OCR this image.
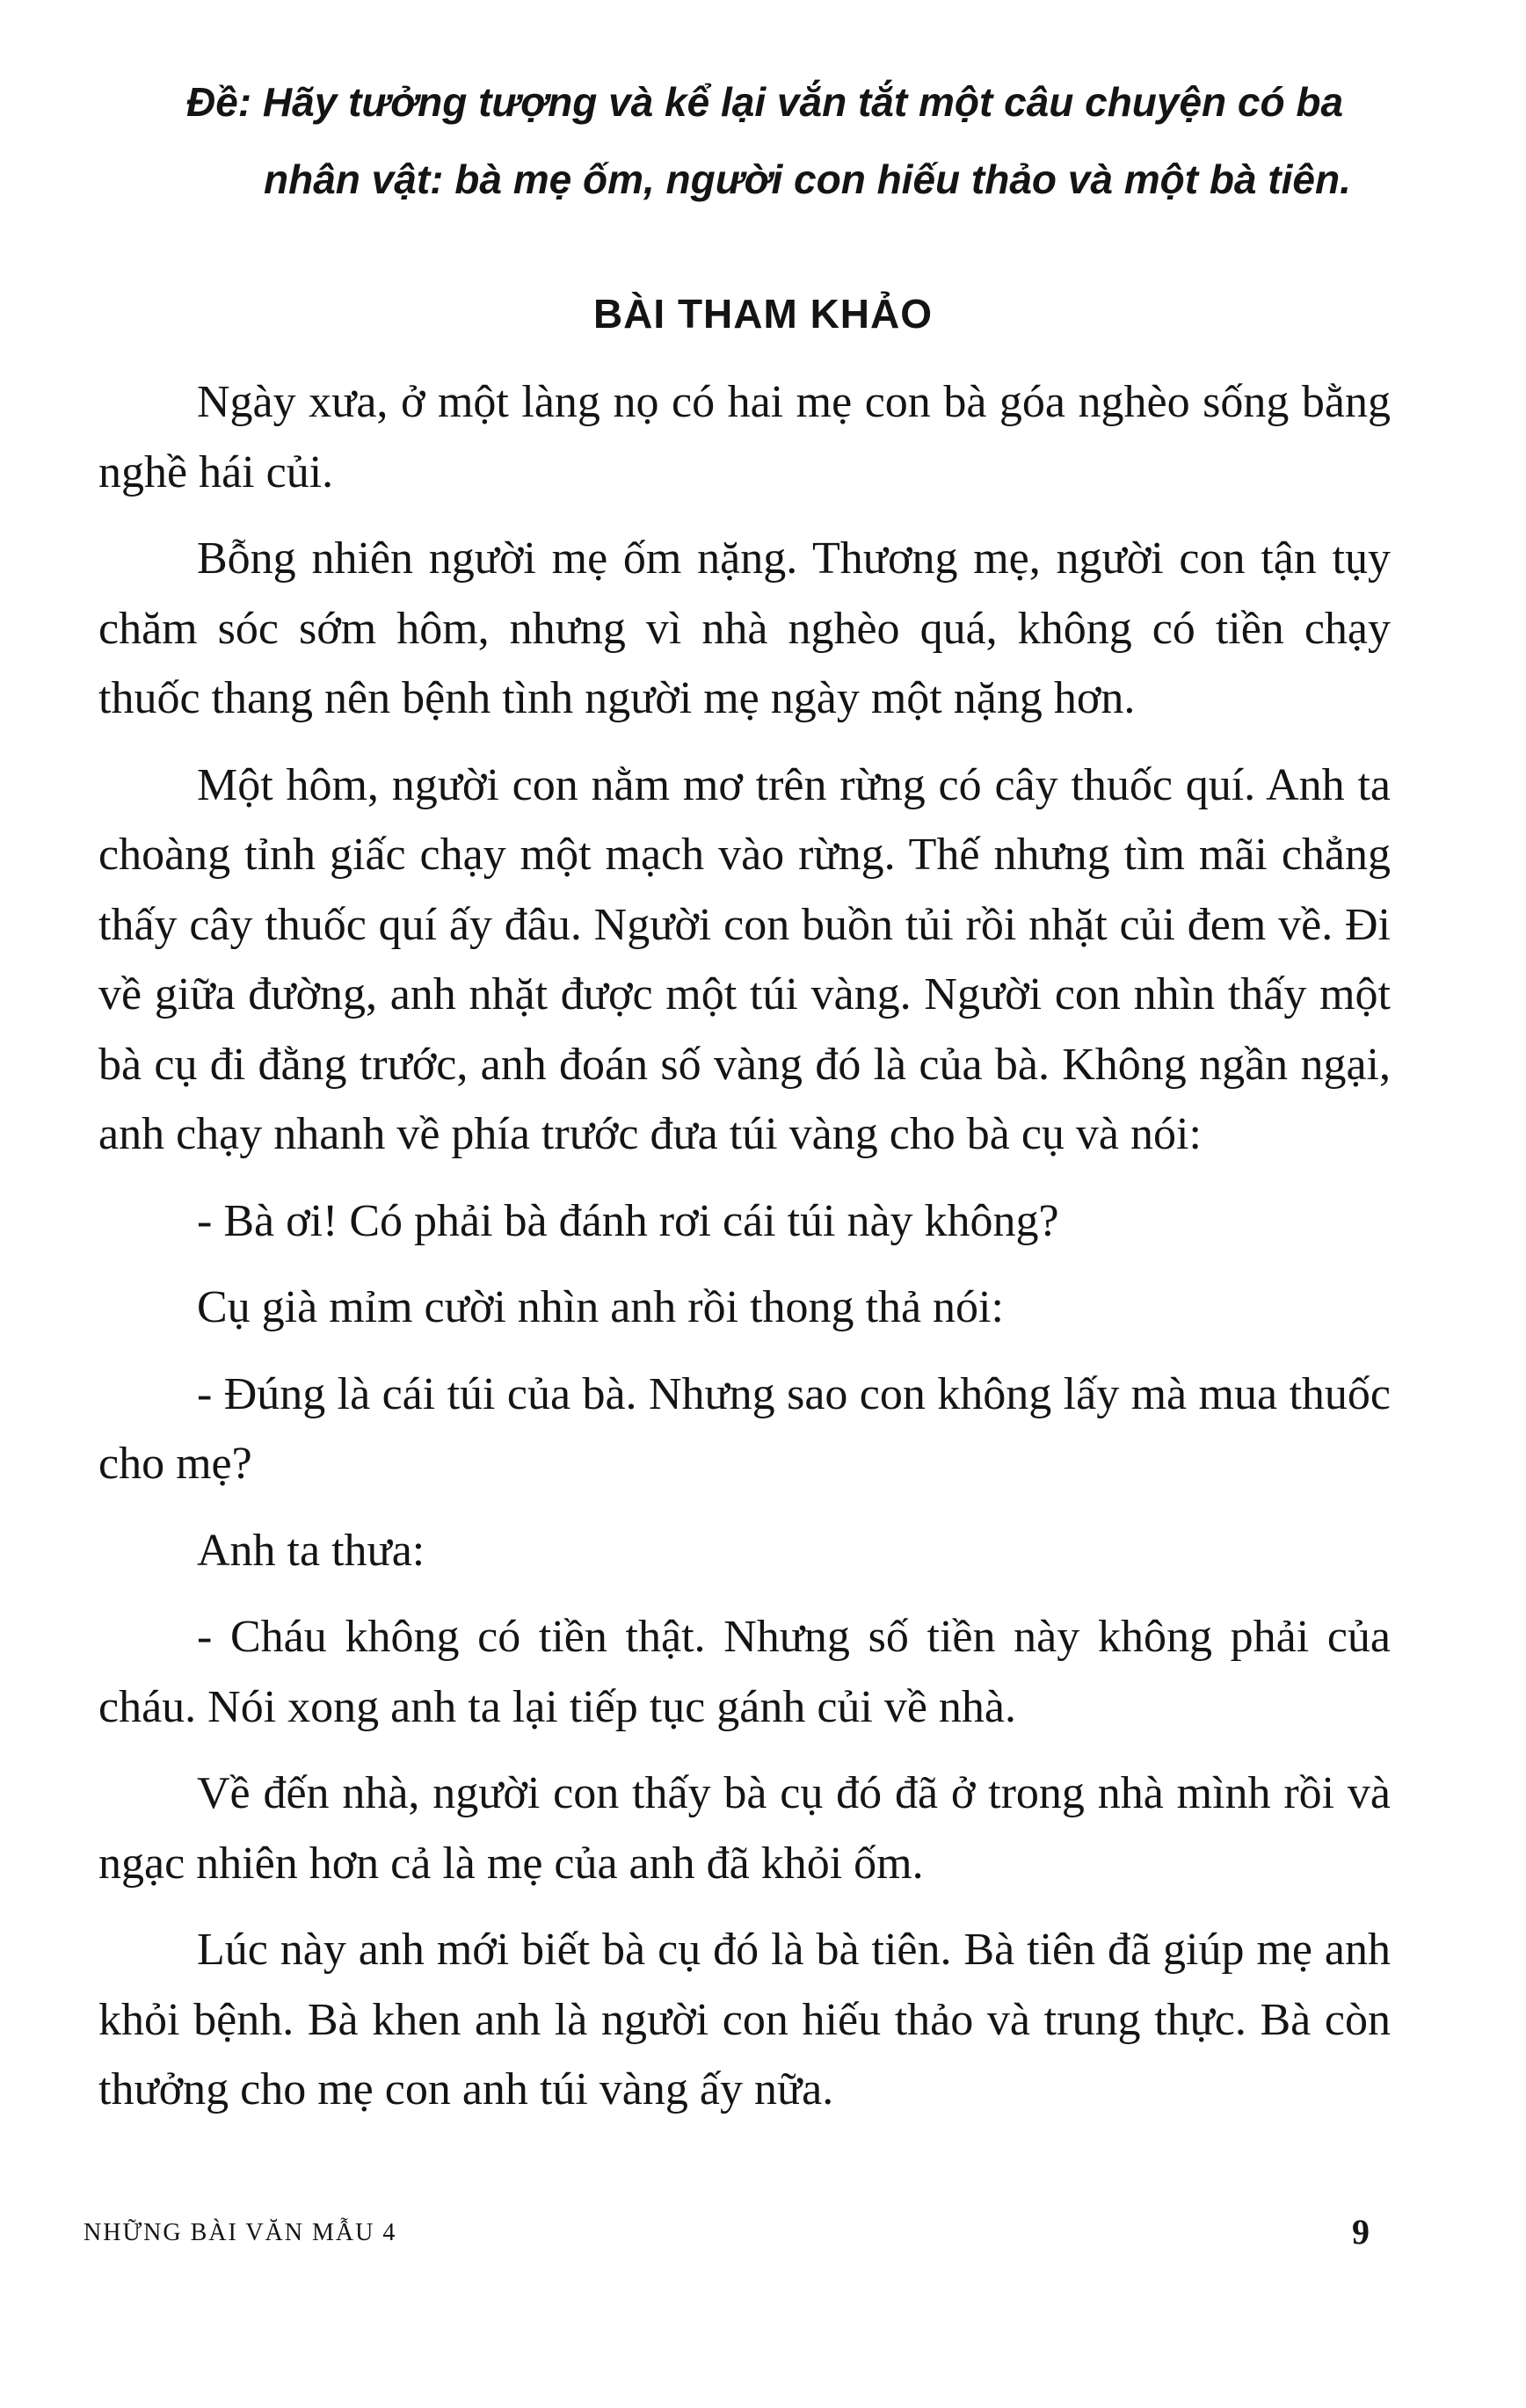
Đề: Hãy tưởng tượng và kể lại vắn tắt một câu chuyện có ba
nhân vật: bà mẹ ốm, người con hiếu thảo và một bà tiên.
BÀI THAM KHẢO

Ngày xưa, ở một làng nọ có hai mẹ con bà góa nghèo sống bằng nghề hái củi.

Bỗng nhiên người mẹ ốm nặng. Thương mẹ, người con tận tụy chăm sóc sớm hôm, nhưng vì nhà nghèo quá, không có tiền chạy thuốc thang nên bệnh tình người mẹ ngày một nặng hơn.

Một hôm, người con nằm mơ trên rừng có cây thuốc quí. Anh ta choàng tỉnh giấc chạy một mạch vào rừng. Thế nhưng tìm mãi chẳng thấy cây thuốc quí ấy đâu. Người con buồn tủi rồi nhặt củi đem về. Đi về giữa đường, anh nhặt được một túi vàng. Người con nhìn thấy một bà cụ đi đằng trước, anh đoán số vàng đó là của bà. Không ngần ngại, anh chạy nhanh về phía trước đưa túi vàng cho bà cụ và nói:

- Bà ơi! Có phải bà đánh rơi cái túi này không?

Cụ già mỉm cười nhìn anh rồi thong thả nói:

- Đúng là cái túi của bà. Nhưng sao con không lấy mà mua thuốc cho mẹ?

Anh ta thưa:

- Cháu không có tiền thật. Nhưng số tiền này không phải của cháu. Nói xong anh ta lại tiếp tục gánh củi về nhà.

Về đến nhà, người con thấy bà cụ đó đã ở trong nhà mình rồi và ngạc nhiên hơn cả là mẹ của anh đã khỏi ốm.

Lúc này anh mới biết bà cụ đó là bà tiên. Bà tiên đã giúp mẹ anh khỏi bệnh. Bà khen anh là người con hiếu thảo và trung thực. Bà còn thưởng cho mẹ con anh túi vàng ấy nữa.

NHỮNG BÀI VĂN MẪU 4	9
